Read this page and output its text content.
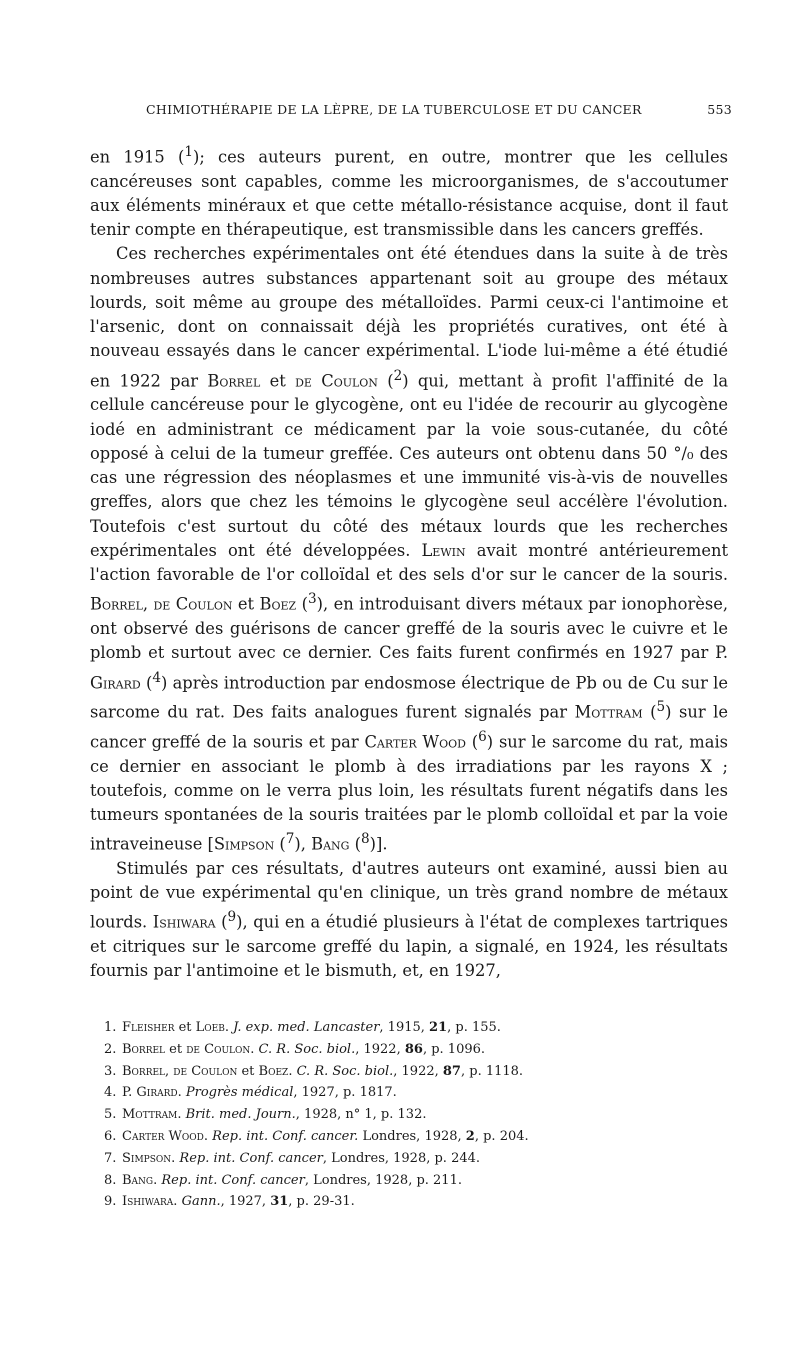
CHIMIOTHÉRAPIE DE LA LÈPRE, DE LA TUBERCULOSE ET DU CANCER	553

en 1915 ($^1$); ces auteurs purent, en outre, montrer que les cellules cancéreuses sont capables, comme les microorganismes, de s'accoutumer aux éléments minéraux et que cette métallo-résistance acquise, dont il faut tenir compte en thérapeutique, est transmissible dans les cancers greffés.

Ces recherches expérimentales ont été étendues dans la suite à de très nombreuses autres substances appartenant soit au groupe des métaux lourds, soit même au groupe des métalloïdes. Parmi ceux-ci l'antimoine et l'arsenic, dont on connaissait déjà les propriétés curatives, ont été à nouveau essayés dans le cancer expérimental. L'iode lui-même a été étudié en 1922 par Borrel et de Coulon ($^2$) qui, mettant à profit l'affinité de la cellule cancéreuse pour le glycogène, ont eu l'idée de recourir au glycogène iodé en administrant ce médicament par la voie sous-cutanée, du côté opposé à celui de la tumeur greffée. Ces auteurs ont obtenu dans 50 °/₀ des cas une régression des néoplasmes et une immunité vis-à-vis de nouvelles greffes, alors que chez les témoins le glycogène seul accélère l'évolution. Toutefois c'est surtout du côté des métaux lourds que les recherches expérimentales ont été développées. Lewin avait montré antérieurement l'action favorable de l'or colloïdal et des sels d'or sur le cancer de la souris. Borrel, de Coulon et Boez ($^3$), en introduisant divers métaux par ionophorèse, ont observé des guérisons de cancer greffé de la souris avec le cuivre et le plomb et surtout avec ce dernier. Ces faits furent confirmés en 1927 par P. Girard ($^4$) après introduction par endosmose électrique de Pb ou de Cu sur le sarcome du rat. Des faits analogues furent signalés par Mottram ($^5$) sur le cancer greffé de la souris et par Carter Wood ($^6$) sur le sarcome du rat, mais ce dernier en associant le plomb à des irradiations par les rayons X ; toutefois, comme on le verra plus loin, les résultats furent négatifs dans les tumeurs spontanées de la souris traitées par le plomb colloïdal et par la voie intraveineuse [Simpson ($^7$), Bang ($^8$)].

Stimulés par ces résultats, d'autres auteurs ont examiné, aussi bien au point de vue expérimental qu'en clinique, un très grand nombre de métaux lourds. Ishiwara ($^9$), qui en a étudié plusieurs à l'état de complexes tartriques et citriques sur le sarcome greffé du lapin, a signalé, en 1924, les résultats fournis par l'antimoine et le bismuth, et, en 1927,

1. Fleisher et Loeb. J. exp. med. Lancaster, 1915, 21, p. 155.
2. Borrel et de Coulon. C. R. Soc. biol., 1922, 86, p. 1096.
3. Borrel, de Coulon et Boez. C. R. Soc. biol., 1922, 87, p. 1118.
4. P. Girard. Progrès médical, 1927, p. 1817.
5. Mottram. Brit. med. Journ., 1928, n° 1, p. 132.
6. Carter Wood. Rep. int. Conf. cancer. Londres, 1928, 2, p. 204.
7. Simpson. Rep. int. Conf. cancer, Londres, 1928, p. 244.
8. Bang. Rep. int. Conf. cancer, Londres, 1928, p. 211.
9. Ishiwara. Gann., 1927, 31, p. 29-31.
